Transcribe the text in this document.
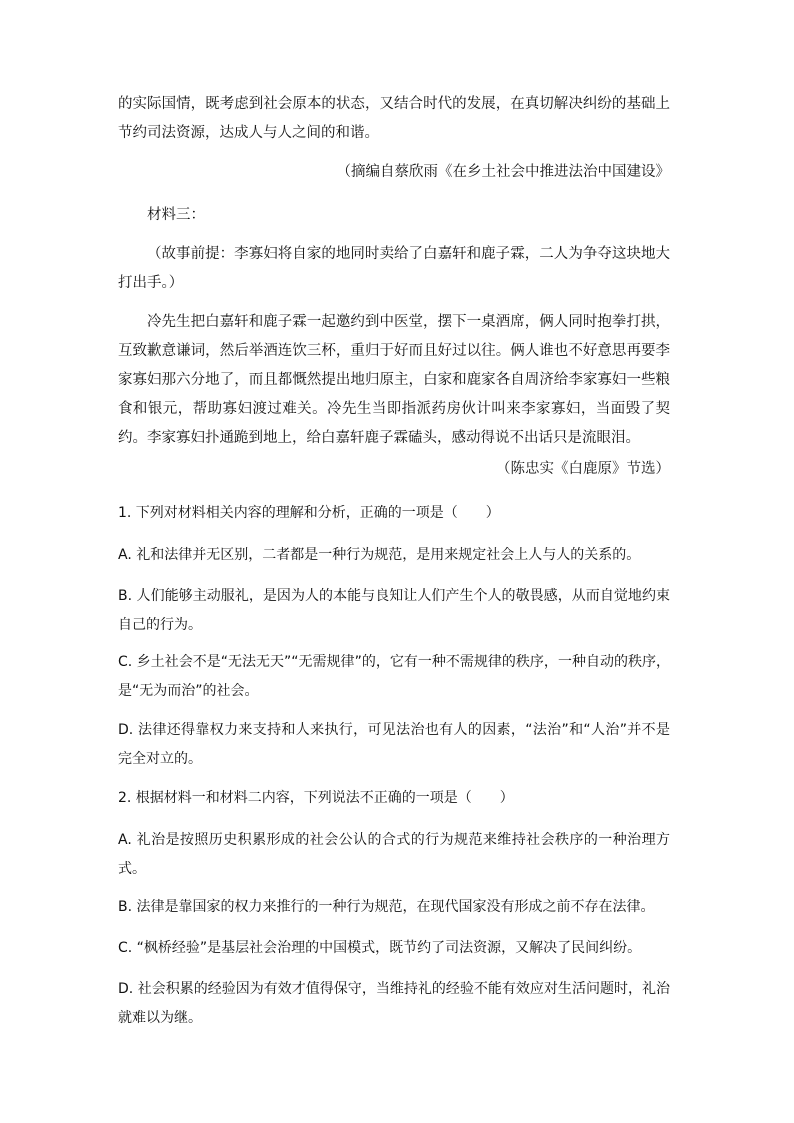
的实际国情，既考虑到社会原本的状态，又结合时代的发展，在真切解决纠纷的基础上节约司法资源，达成人与人之间的和谐。

（摘编自蔡欣雨《在乡土社会中推进法治中国建设》

材料三：

（故事前提：李寡妇将自家的地同时卖给了白嘉轩和鹿子霖，二人为争夺这块地大打出手。）

冷先生把白嘉轩和鹿子霖一起邀约到中医堂，摆下一桌酒席，俩人同时抱拳打拱，互致歉意谦词，然后举酒连饮三杯，重归于好而且好过以往。俩人谁也不好意思再要李家寡妇那六分地了，而且都慨然提出地归原主，白家和鹿家各自周济给李家寡妇一些粮食和银元，帮助寡妇渡过难关。冷先生当即指派药房伙计叫来李家寡妇，当面毁了契约。李家寡妇扑通跪到地上，给白嘉轩鹿子霖磕头，感动得说不出话只是流眼泪。

（陈忠实《白鹿原》节选）

1. 下列对材料相关内容的理解和分析，正确的一项是（　　）

A. 礼和法律并无区别，二者都是一种行为规范，是用来规定社会上人与人的关系的。

B. 人们能够主动服礼，是因为人的本能与良知让人们产生个人的敬畏感，从而自觉地约束自己的行为。

C. 乡土社会不是“无法无天”“无需规律”的，它有一种不需规律的秩序，一种自动的秩序，是“无为而治”的社会。

D. 法律还得靠权力来支持和人来执行，可见法治也有人的因素，“法治”和“人治”并不是完全对立的。

2. 根据材料一和材料二内容，下列说法不正确的一项是（　　）

A. 礼治是按照历史积累形成的社会公认的合式的行为规范来维持社会秩序的一种治理方式。

B. 法律是靠国家的权力来推行的一种行为规范，在现代国家没有形成之前不存在法律。

C. “枫桥经验”是基层社会治理的中国模式，既节约了司法资源，又解决了民间纠纷。

D. 社会积累的经验因为有效才值得保守，当维持礼的经验不能有效应对生活问题时，礼治就难以为继。
